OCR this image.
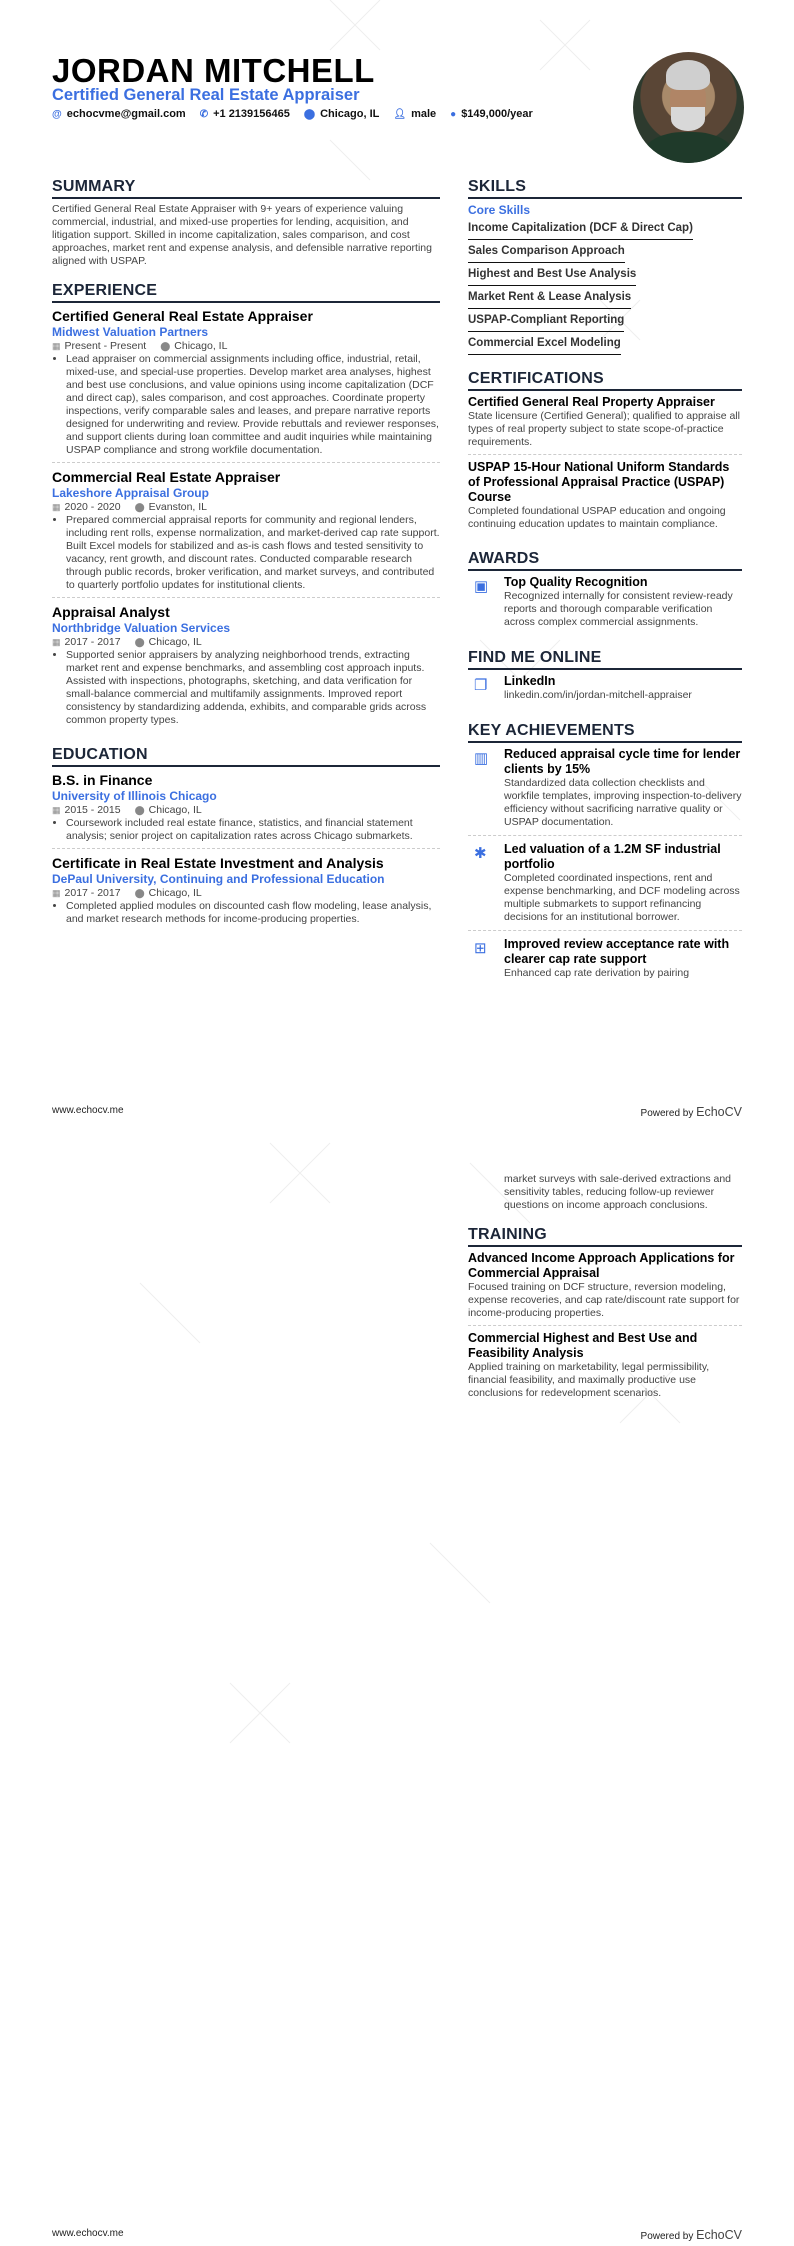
JORDAN MITCHELL
Certified General Real Estate Appraiser
@ echocvme@gmail.com ✆ +1 2139156465 ⬤ Chicago, IL 👤︎ male ● $149,000/year
SUMMARY

Certified General Real Estate Appraiser with 9+ years of experience valuing commercial, industrial, and mixed-use properties for lending, acquisition, and litigation support. Skilled in income capitalization, sales comparison, and cost approaches, market rent and expense analysis, and defensible narrative reporting aligned with USPAP.

EXPERIENCE
Certified General Real Estate Appraiser
Midwest Valuation Partners
▦ Present - Present ⬤ Chicago, IL
• Lead appraiser on commercial assignments including office, industrial, retail, mixed-use, and special-use properties. Develop market area analyses, highest and best use conclusions, and value opinions using income capitalization (DCF and direct cap), sales comparison, and cost approaches. Coordinate property inspections, verify comparable sales and leases, and prepare narrative reports designed for underwriting and review. Provide rebuttals and reviewer responses, and support clients during loan committee and audit inquiries while maintaining USPAP compliance and strong workfile documentation.
Commercial Real Estate Appraiser
Lakeshore Appraisal Group
▦ 2020 - 2020 ⬤ Evanston, IL
• Prepared commercial appraisal reports for community and regional lenders, including rent rolls, expense normalization, and market-derived cap rate support. Built Excel models for stabilized and as-is cash flows and tested sensitivity to vacancy, rent growth, and discount rates. Conducted comparable research through public records, broker verification, and market surveys, and contributed to quarterly portfolio updates for institutional clients.
Appraisal Analyst
Northbridge Valuation Services
▦ 2017 - 2017 ⬤ Chicago, IL
• Supported senior appraisers by analyzing neighborhood trends, extracting market rent and expense benchmarks, and assembling cost approach inputs. Assisted with inspections, photographs, sketching, and data verification for small-balance commercial and multifamily assignments. Improved report consistency by standardizing addenda, exhibits, and comparable grids across common property types.
EDUCATION
B.S. in Finance
University of Illinois Chicago
▦ 2015 - 2015 ⬤ Chicago, IL
• Coursework included real estate finance, statistics, and financial statement analysis; senior project on capitalization rates across Chicago submarkets.
Certificate in Real Estate Investment and Analysis
DePaul University, Continuing and Professional Education
▦ 2017 - 2017 ⬤ Chicago, IL
• Completed applied modules on discounted cash flow modeling, lease analysis, and market research methods for income-producing properties.
SKILLS
Core Skills
Income Capitalization (DCF & Direct Cap)
Sales Comparison Approach
Highest and Best Use Analysis
Market Rent & Lease Analysis
USPAP-Compliant Reporting
Commercial Excel Modeling
CERTIFICATIONS
Certified General Real Property Appraiser
State licensure (Certified General); qualified to appraise all types of real property subject to state scope-of-practice requirements.
USPAP 15-Hour National Uniform Standards of Professional Appraisal Practice (USPAP) Course
Completed foundational USPAP education and ongoing continuing education updates to maintain compliance.
AWARDS
▣	Top Quality Recognition
Recognized internally for consistent review-ready reports and thorough comparable verification across complex commercial assignments.
FIND ME ONLINE
❐	LinkedIn
linkedin.com/in/jordan-mitchell-appraiser
KEY ACHIEVEMENTS
▥	Reduced appraisal cycle time for lender clients by 15%
Standardized data collection checklists and workfile templates, improving inspection-to-delivery efficiency without sacrificing narrative quality or USPAP documentation.
✱	Led valuation of a 1.2M SF industrial portfolio
Completed coordinated inspections, rent and expense benchmarking, and DCF modeling across multiple submarkets to support refinancing decisions for an institutional borrower.
⊞	Improved review acceptance rate with clearer cap rate support
Enhanced cap rate derivation by pairing
www.echocv.me	Powered by EchoCV
market surveys with sale-derived extractions and sensitivity tables, reducing follow-up reviewer questions on income approach conclusions.
TRAINING
Advanced Income Approach Applications for Commercial Appraisal
Focused training on DCF structure, reversion modeling, expense recoveries, and cap rate/discount rate support for income-producing properties.
Commercial Highest and Best Use and Feasibility Analysis
Applied training on marketability, legal permissibility, financial feasibility, and maximally productive use conclusions for redevelopment scenarios.
www.echocv.me	Powered by EchoCV
